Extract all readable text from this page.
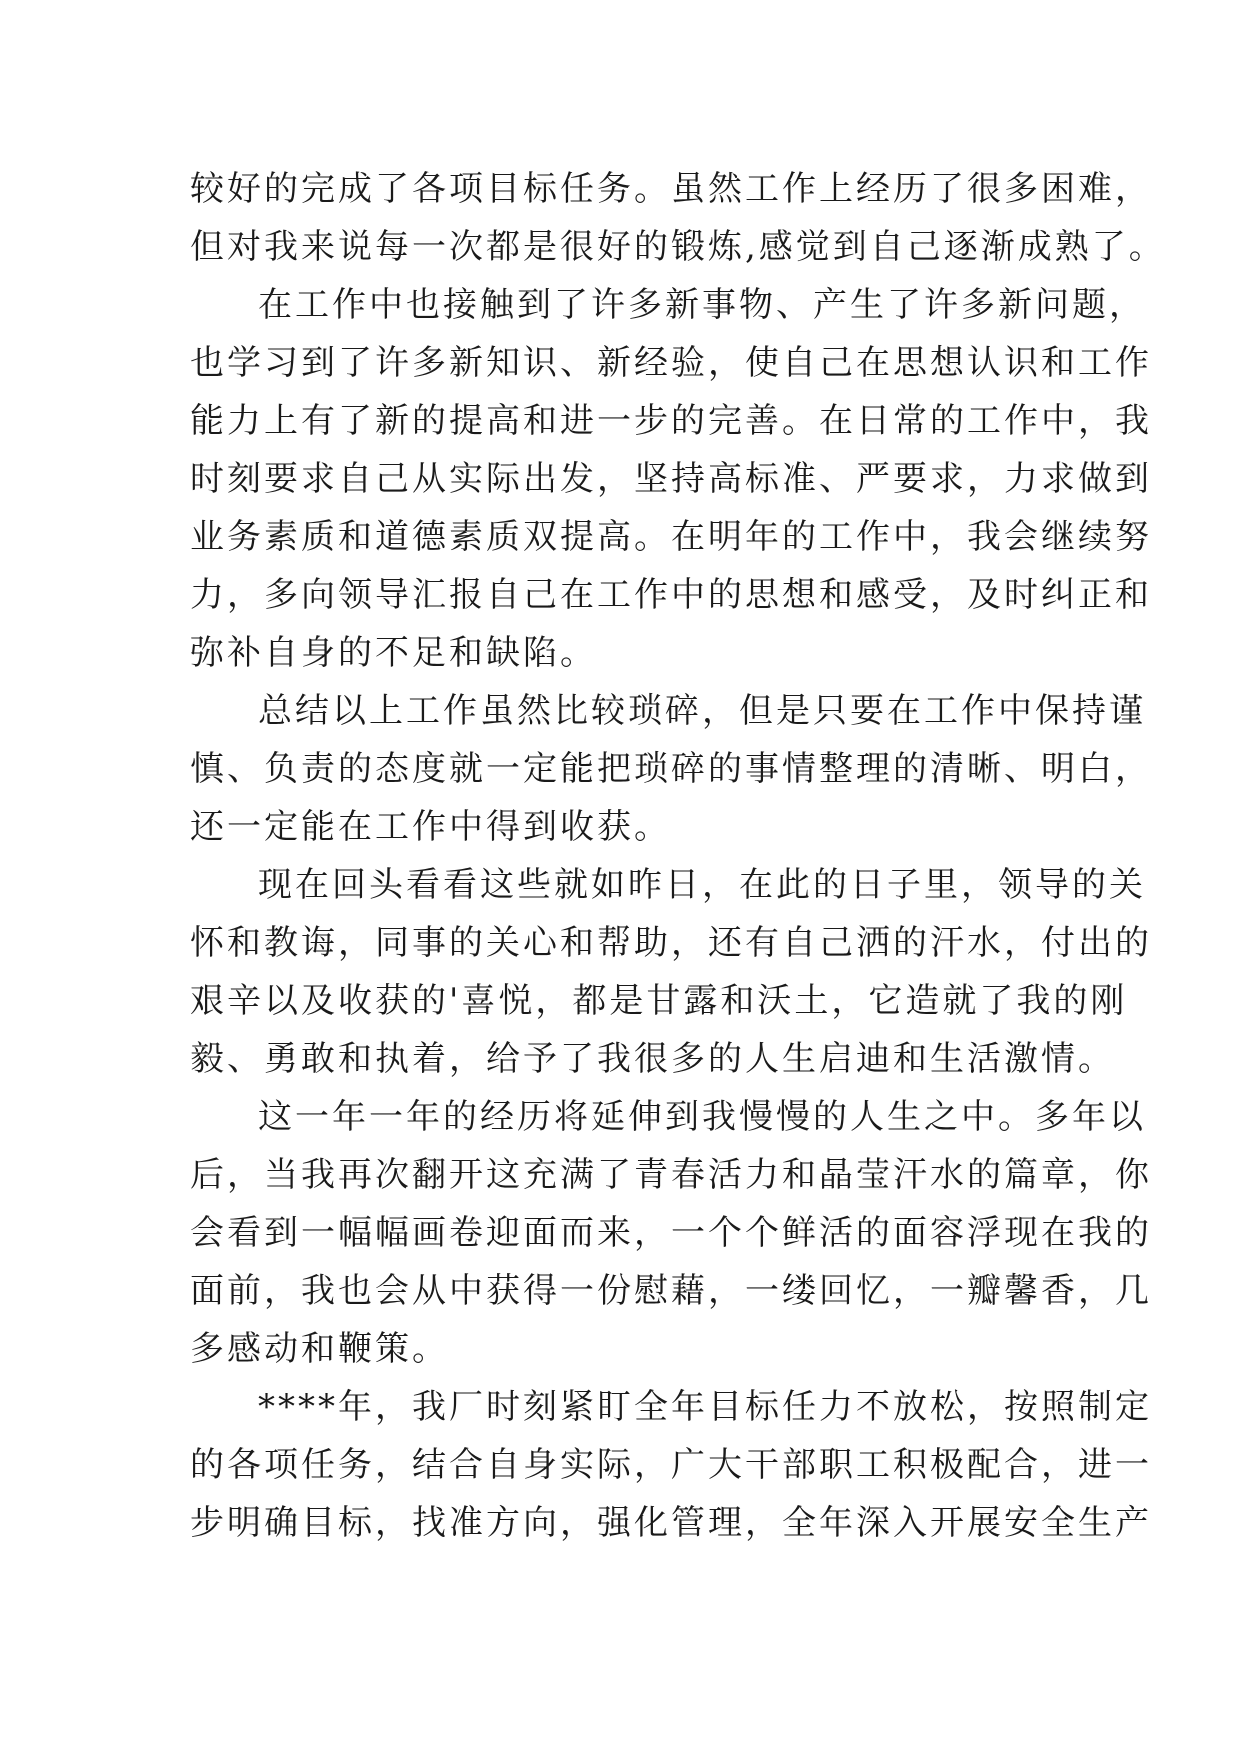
较好的完成了各项目标任务。虽然工作上经历了很多困难，
但对我来说每一次都是很好的锻炼,感觉到自己逐渐成熟了。
在工作中也接触到了许多新事物、产生了许多新问题，
也学习到了许多新知识、新经验，使自己在思想认识和工作
能力上有了新的提高和进一步的完善。在日常的工作中，我
时刻要求自己从实际出发，坚持高标准、严要求，力求做到
业务素质和道德素质双提高。在明年的工作中，我会继续努
力，多向领导汇报自己在工作中的思想和感受，及时纠正和
弥补自身的不足和缺陷。
总结以上工作虽然比较琐碎，但是只要在工作中保持谨
慎、负责的态度就一定能把琐碎的事情整理的清晰、明白，
还一定能在工作中得到收获。
现在回头看看这些就如昨日，在此的日子里，领导的关
怀和教诲，同事的关心和帮助，还有自己洒的汗水，付出的
艰辛以及收获的'喜悦，都是甘露和沃土，它造就了我的刚
毅、勇敢和执着，给予了我很多的人生启迪和生活激情。
这一年一年的经历将延伸到我慢慢的人生之中。多年以
后，当我再次翻开这充满了青春活力和晶莹汗水的篇章，你
会看到一幅幅画卷迎面而来，一个个鲜活的面容浮现在我的
面前，我也会从中获得一份慰藉，一缕回忆，一瓣馨香，几
多感动和鞭策。
****年，我厂时刻紧盯全年目标任力不放松，按照制定
的各项任务，结合自身实际，广大干部职工积极配合，进一
步明确目标，找准方向，强化管理，全年深入开展安全生产
